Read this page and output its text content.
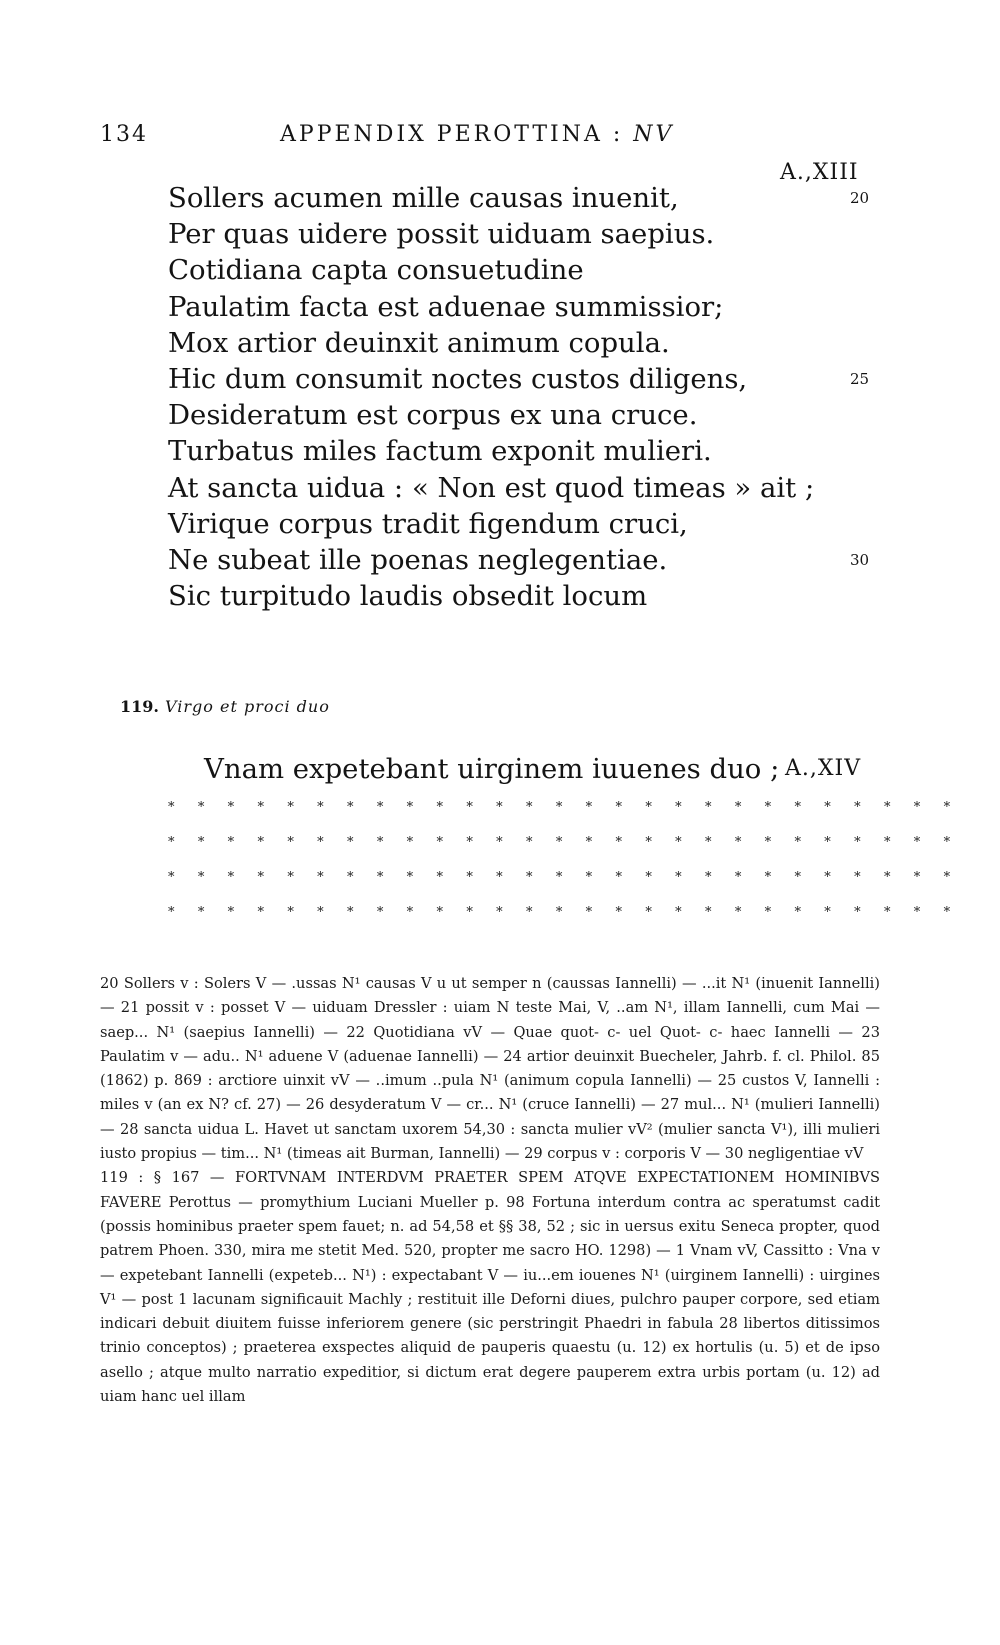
134	APPENDIX PEROTTINA : NV
A.,XIII
Sollers acumen mille causas inuenit,	20
Per quas uidere possit uiduam saepius.
Cotidiana capta consuetudine
Paulatim facta est aduenae summissior;
Mox artior deuinxit animum copula.
Hic dum consumit noctes custos diligens,	25
Desideratum est corpus ex una cruce.
Turbatus miles factum exponit mulieri.
At sancta uidua : « Non est quod timeas » ait ;
Virique corpus tradit figendum cruci,
Ne subeat ille poenas neglegentiae.	30
Sic turpitudo laudis obsedit locum
119. Virgo et proci duo
Vnam expetebant uirginem iuuenes duo ; A.,XIV
* * * * * * * * * * * * * * * * * * * * * * * * * * *
* * * * * * * * * * * * * * * * * * * * * * * * * * *
* * * * * * * * * * * * * * * * * * * * * * * * * * *
* * * * * * * * * * * * * * * * * * * * * * * * * * *

20 Sollers v : Solers V — .ussas N¹ causas V u ut semper n (caussas Iannelli) — ...it N¹ (inuenit Iannelli) — 21 possit v : posset V — uiduam Dressler : uiam N teste Mai, V, ..am N¹, illam Iannelli, cum Mai — saep... N¹ (saepius Iannelli) — 22 Quotidiana vV — Quae quot- c- uel Quot- c- haec Iannelli — 23 Paulatim v — adu.. N¹ aduene V (aduenae Iannelli) — 24 artior deuinxit Buecheler, Jahrb. f. cl. Philol. 85 (1862) p. 869 : arctiore uinxit vV — ..imum ..pula N¹ (animum copula Iannelli) — 25 custos V, Iannelli : miles v (an ex N? cf. 27) — 26 desyderatum V — cr... N¹ (cruce Iannelli) — 27 mul... N¹ (mulieri Iannelli) — 28 sancta uidua L. Havet ut sanctam uxorem 54,30 : sancta mulier vV² (mulier sancta V¹), illi mulieri iusto propius — tim... N¹ (timeas ait Burman, Iannelli) — 29 corpus v : corporis V — 30 negligentiae vV

119 : § 167 — FORTVNAM INTERDVM PRAETER SPEM ATQVE EXPECTATIONEM HOMINIBVS FAVERE Perottus — promythium Luciani Mueller p. 98 Fortuna interdum contra ac speratumst cadit (possis hominibus praeter spem fauet; n. ad 54,58 et §§ 38, 52 ; sic in uersus exitu Seneca propter, quod patrem Phoen. 330, mira me stetit Med. 520, propter me sacro HO. 1298) — 1 Vnam vV, Cassitto : Vna v — expetebant Iannelli (expeteb... N¹) : expectabant V — iu...em iouenes N¹ (uirginem Iannelli) : uirgines V¹ — post 1 lacunam significauit Machly ; restituit ille Deforni diues, pulchro pauper corpore, sed etiam indicari debuit diuitem fuisse inferiorem genere (sic perstringit Phaedri in fabula 28 libertos ditissimos trinio conceptos) ; praeterea exspectes aliquid de pauperis quaestu (u. 12) ex hortulis (u. 5) et de ipso asello ; atque multo narratio expeditior, si dictum erat degere pauperem extra urbis portam (u. 12) ad uiam hanc uel illam
